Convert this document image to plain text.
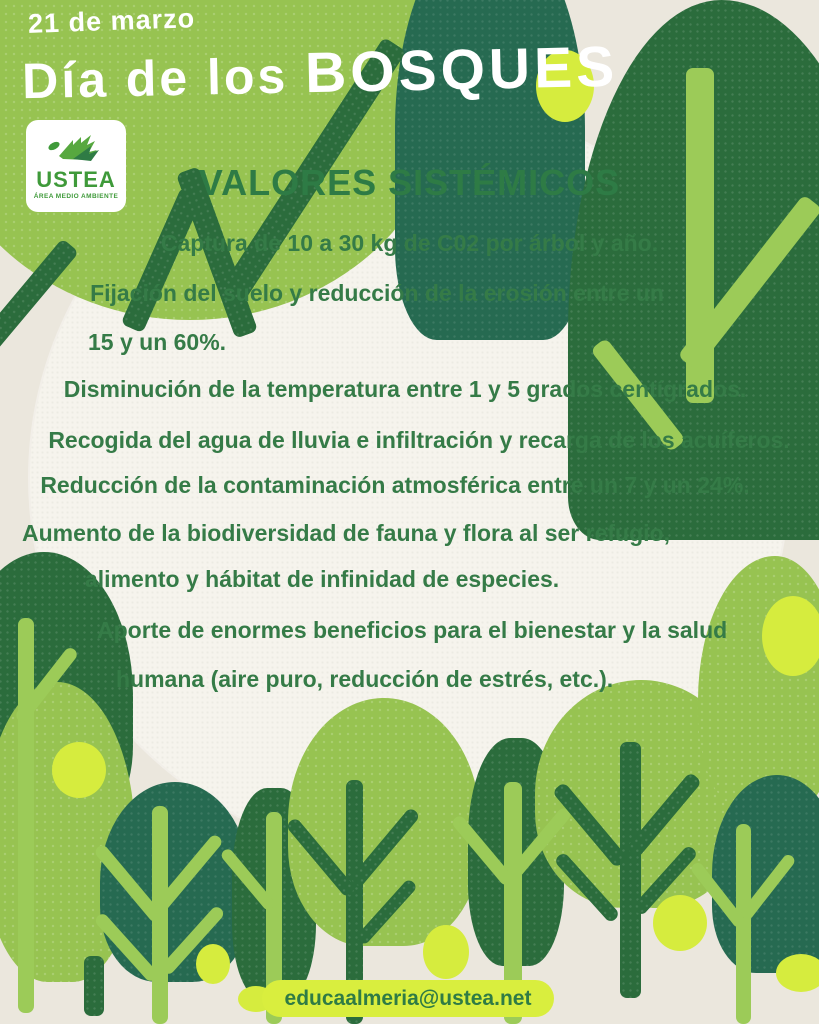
VALORES SISTÉMICOS
Captura de 10 a 30 kg de C02 por árbol y año.
Fijación del suelo y reducción de la erosión entre un
15 y un 60%.
Disminución de la temperatura entre 1 y 5 grados centígrados.
Recogida del agua de lluvia e infiltración y recarga de los acuíferos.
Reducción de la contaminación atmosférica entre un 7 y un 24%.
Aumento de la biodiversidad de fauna y flora al ser refugio,
alimento y hábitat de infinidad de especies.
Aporte de enormes beneficios para el bienestar y la salud
humana (aire puro, reducción de estrés, etc.).
educaalmeria@ustea.net
21 de marzo
Día de los BOSQUES
USTEA
ÁREA MEDIO AMBIENTE
